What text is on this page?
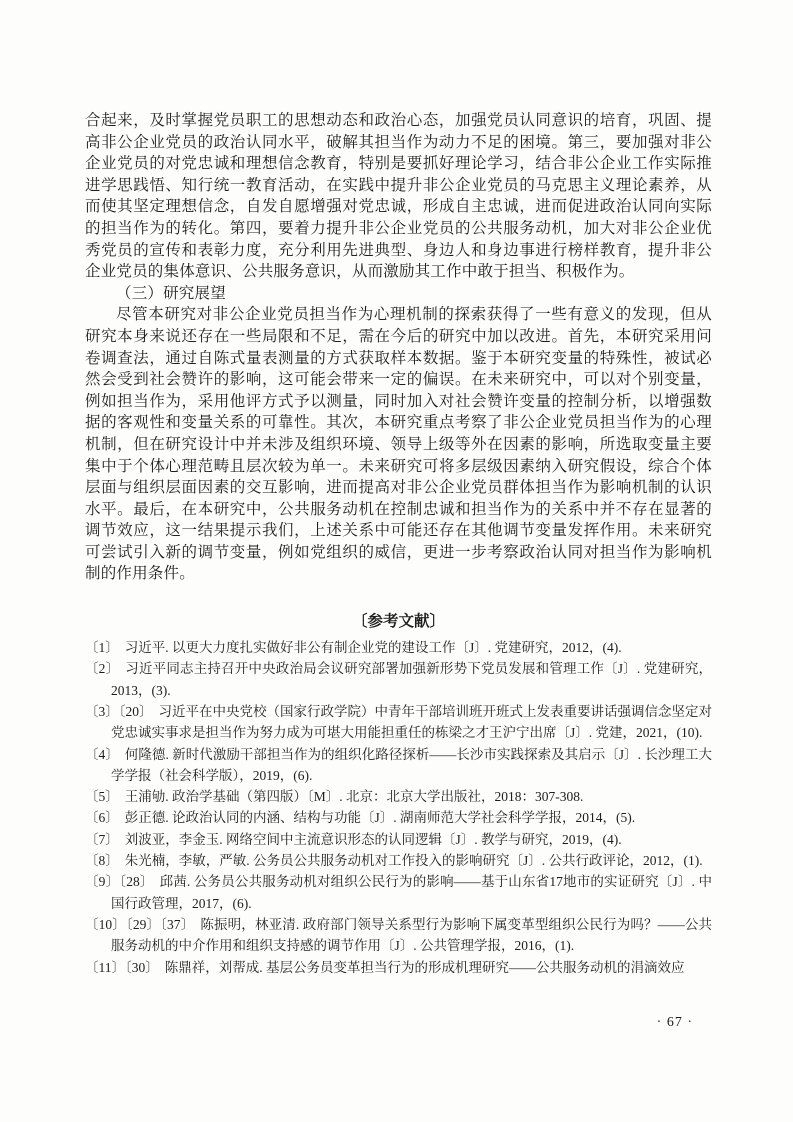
合起来，及时掌握党员职工的思想动态和政治心态，加强党员认同意识的培育，巩固、提高非公企业党员的政治认同水平，破解其担当作为动力不足的困境。第三，要加强对非公企业党员的对党忠诚和理想信念教育，特别是要抓好理论学习，结合非公企业工作实际推进学思践悟、知行统一教育活动，在实践中提升非公企业党员的马克思主义理论素养，从而使其坚定理想信念，自发自愿增强对党忠诚，形成自主忠诚，进而促进政治认同向实际的担当作为的转化。第四，要着力提升非公企业党员的公共服务动机，加大对非公企业优秀党员的宣传和表彰力度，充分利用先进典型、身边人和身边事进行榜样教育，提升非公企业党员的集体意识、公共服务意识，从而激励其工作中敢于担当、积极作为。

（三）研究展望

尽管本研究对非公企业党员担当作为心理机制的探索获得了一些有意义的发现，但从研究本身来说还存在一些局限和不足，需在今后的研究中加以改进。首先，本研究采用问卷调查法，通过自陈式量表测量的方式获取样本数据。鉴于本研究变量的特殊性，被试必然会受到社会赞许的影响，这可能会带来一定的偏误。在未来研究中，可以对个别变量，例如担当作为，采用他评方式予以测量，同时加入对社会赞许变量的控制分析，以增强数据的客观性和变量关系的可靠性。其次，本研究重点考察了非公企业党员担当作为的心理机制，但在研究设计中并未涉及组织环境、领导上级等外在因素的影响，所选取变量主要集中于个体心理范畴且层次较为单一。未来研究可将多层级因素纳入研究假设，综合个体层面与组织层面因素的交互影响，进而提高对非公企业党员群体担当作为影响机制的认识水平。最后，在本研究中，公共服务动机在控制忠诚和担当作为的关系中并不存在显著的调节效应，这一结果提示我们，上述关系中可能还存在其他调节变量发挥作用。未来研究可尝试引入新的调节变量，例如党组织的威信，更进一步考察政治认同对担当作为影响机制的作用条件。

〔参考文献〕
〔1〕 习近平. 以更大力度扎实做好非公有制企业党的建设工作〔J〕. 党建研究，2012，(4).
〔2〕 习近平同志主持召开中央政治局会议研究部署加强新形势下党员发展和管理工作〔J〕. 党建研究，2013，(3).
〔3〕〔20〕 习近平在中央党校（国家行政学院）中青年干部培训班开班式上发表重要讲话强调信念坚定对党忠诚实事求是担当作为努力成为可堪大用能担重任的栋梁之才王沪宁出席〔J〕. 党建，2021，(10).
〔4〕 何隆德. 新时代激励干部担当作为的组织化路径探析——长沙市实践探索及其启示〔J〕. 长沙理工大学学报（社会科学版），2019，(6).
〔5〕 王浦劬. 政治学基础（第四版）〔M〕. 北京：北京大学出版社，2018：307-308.
〔6〕 彭正德. 论政治认同的内涵、结构与功能〔J〕. 湖南师范大学社会科学学报，2014，(5).
〔7〕 刘波亚，李金玉. 网络空间中主流意识形态的认同逻辑〔J〕. 教学与研究，2019，(4).
〔8〕 朱光楠，李敏，严敏. 公务员公共服务动机对工作投入的影响研究〔J〕. 公共行政评论，2012，(1).
〔9〕〔28〕 邱茜. 公务员公共服务动机对组织公民行为的影响——基于山东省17地市的实证研究〔J〕. 中国行政管理，2017，(6).
〔10〕〔29〕〔37〕 陈振明，林亚清. 政府部门领导关系型行为影响下属变革型组织公民行为吗？——公共服务动机的中介作用和组织支持感的调节作用〔J〕. 公共管理学报，2016，(1).
〔11〕〔30〕 陈鼎祥，刘帮成. 基层公务员变革担当行为的形成机理研究——公共服务动机的涓滴效应
· 67 ·
